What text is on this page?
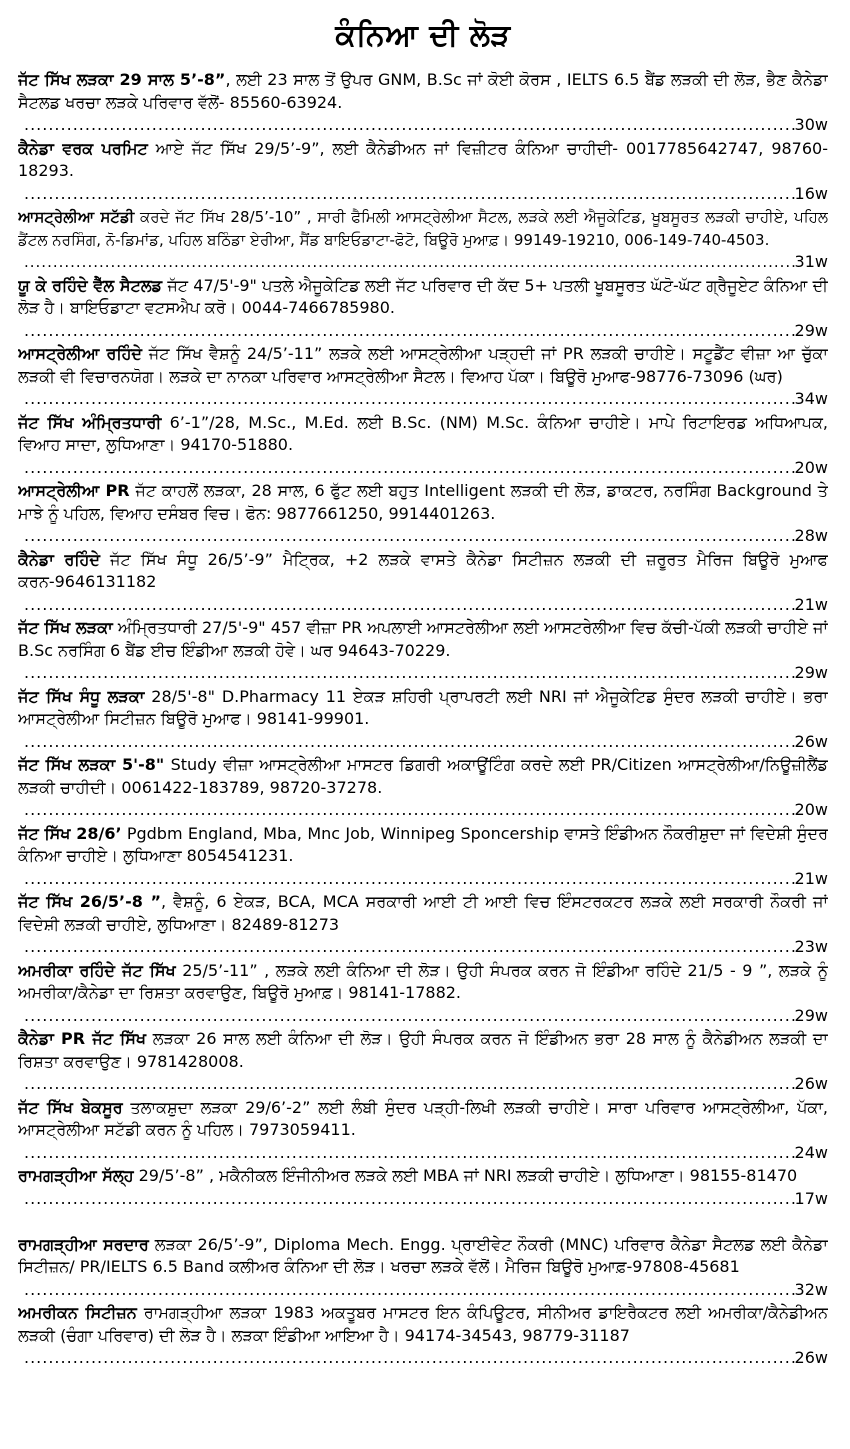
ਕੰਨਿਆ ਦੀ ਲੋੜ
ਜੱਟ ਸਿੱਖ ਲੜਕਾ 29 ਸਾਲ 5’-8”, ਲਈ 23 ਸਾਲ ਤੋਂ ਉਪਰ GNM, B.Sc ਜਾਂ ਕੋਈ ਕੋਰਸ , IELTS 6.5 ਬੈਂਡ ਲੜਕੀ ਦੀ ਲੋੜ, ਭੈਣ ਕੈਨੇਡਾ ਸੈਟਲਡ ਖਰਚਾ ਲੜਕੇ ਪਰਿਵਾਰ ਵੱਲੋਂ- 85560-63924.
.....
30w
ਕੈਨੇਡਾ ਵਰਕ ਪਰਮਿਟ ਆਏ ਜੱਟ ਸਿੱਖ 29/5’-9”, ਲਈ ਕੈਨੇਡੀਅਨ ਜਾਂ ਵਿਜ਼ੀਟਰ ਕੰਨਿਆ ਚਾਹੀਦੀ- 0017785642747, 98760-18293.
.....
16w
ਆਸਟ੍ਰੇਲੀਆ ਸਟੱਡੀ ਕਰਦੇ ਜੱਟ ਸਿੱਖ 28/5’-10” , ਸਾਰੀ ਫੈਮਿਲੀ ਆਸਟ੍ਰੇਲੀਆ ਸੈਟਲ, ਲੜਕੇ ਲਈ ਐਜੂਕੇਟਿਡ, ਖੂਬਸੂਰਤ ਲੜਕੀ ਚਾਹੀਏ, ਪਹਿਲ ਡੈਂਟਲ ਨਰਸਿੰਗ, ਨੋ-ਡਿਮਾਂਡ, ਪਹਿਲ ਬਠਿੰਡਾ ਏਰੀਆ, ਸੈਂਡ ਬਾਇਓਡਾਟਾ-ਫੋਟੋ, ਬਿਊਰੋ ਮੁਆਫ਼। 99149-19210, 006-149-740-4503.
.....
31w
ਯੂ ਕੇ ਰਹਿੰਦੇ ਵੈੱਲ ਸੈਟਲਡ ਜੱਟ 47/5'-9" ਪਤਲੇ ਐਜੂਕੇਟਿਡ ਲਈ ਜੱਟ ਪਰਿਵਾਰ ਦੀ ਕੱਦ 5+ ਪਤਲੀ ਖੂਬਸੂਰਤ ਘੱਟੋ-ਘੱਟ ਗ੍ਰੈਜੂਏਟ ਕੰਨਿਆ ਦੀ ਲੋੜ ਹੈ। ਬਾਇਓਡਾਟਾ ਵਟਸਐਪ ਕਰੋ। 0044-7466785980.
.....
29w
ਆਸਟ੍ਰੇਲੀਆ ਰਹਿੰਦੇ ਜੱਟ ਸਿੱਖ ਵੈਸ਼ਨੂੰ 24/5’-11” ਲੜਕੇ ਲਈ ਆਸਟ੍ਰੇਲੀਆ ਪੜ੍ਹਦੀ ਜਾਂ PR ਲੜਕੀ ਚਾਹੀਏ। ਸਟੂਡੈਂਟ ਵੀਜ਼ਾ ਆ ਚੁੱਕਾ ਲੜਕੀ ਵੀ ਵਿਚਾਰਨਯੋਗ। ਲੜਕੇ ਦਾ ਨਾਨਕਾ ਪਰਿਵਾਰ ਆਸਟ੍ਰੇਲੀਆ ਸੈਟਲ। ਵਿਆਹ ਪੱਕਾ। ਬਿਊਰੋ ਮੁਆਫ-98776-73096 (ਘਰ)
.....
34w
ਜੱਟ ਸਿੱਖ ਅੰਮ੍ਰਿਤਧਾਰੀ 6’-1”/28, M.Sc., M.Ed. ਲਈ B.Sc. (NM) M.Sc. ਕੰਨਿਆ ਚਾਹੀਏ। ਮਾਪੇ ਰਿਟਾਇਰਡ ਅਧਿਆਪਕ, ਵਿਆਹ ਸਾਦਾ, ਲੁਧਿਆਣਾ। 94170-51880.
.....
20w
ਆਸਟ੍ਰੇਲੀਆ PR ਜੱਟ ਕਾਹਲੋਂ ਲੜਕਾ, 28 ਸਾਲ, 6 ਫੁੱਟ ਲਈ ਬਹੁਤ Intelligent ਲੜਕੀ ਦੀ ਲੋੜ, ਡਾਕਟਰ, ਨਰਸਿੰਗ Background ਤੇ ਮਾਝੇ ਨੂੰ ਪਹਿਲ, ਵਿਆਹ ਦਸੰਬਰ ਵਿਚ। ਫੋਨ: 9877661250, 9914401263.
.....
28w
ਕੈਨੇਡਾ ਰਹਿੰਦੇ ਜੱਟ ਸਿੱਖ ਸੰਧੂ 26/5’-9” ਮੈਟ੍ਰਿਕ, +2 ਲੜਕੇ ਵਾਸਤੇ ਕੈਨੇਡਾ ਸਿਟੀਜ਼ਨ ਲੜਕੀ ਦੀ ਜ਼ਰੂਰਤ ਮੈਰਿਜ ਬਿਊਰੋ ਮੁਆਫ ਕਰਨ-9646131182
.....
21w
ਜੱਟ ਸਿੱਖ ਲੜਕਾ ਅੰਮ੍ਰਿਤਧਾਰੀ 27/5'-9" 457 ਵੀਜ਼ਾ PR ਅਪਲਾਈ ਆਸਟਰੇਲੀਆ ਲਈ ਆਸਟਰੇਲੀਆ ਵਿਚ ਕੱਚੀ-ਪੱਕੀ ਲੜਕੀ ਚਾਹੀਏ ਜਾਂ B.Sc ਨਰਸਿੰਗ 6 ਬੈਂਡ ਈਚ ਇੰਡੀਆ ਲੜਕੀ ਹੋਵੇ। ਘਰ 94643-70229.
.....
29w
ਜੱਟ ਸਿੱਖ ਸੰਧੂ ਲੜਕਾ 28/5'-8" D.Pharmacy 11 ਏਕੜ ਸ਼ਹਿਰੀ ਪ੍ਰਾਪਰਟੀ ਲਈ NRI ਜਾਂ ਐਜੂਕੇਟਿਡ ਸੁੰਦਰ ਲੜਕੀ ਚਾਹੀਏ। ਭਰਾ ਆਸਟ੍ਰੇਲੀਆ ਸਿਟੀਜ਼ਨ ਬਿਊਰੋ ਮੁਆਫ। 98141-99901.
.....
26w
ਜੱਟ ਸਿੱਖ ਲੜਕਾ 5'-8" Study ਵੀਜ਼ਾ ਆਸਟ੍ਰੇਲੀਆ ਮਾਸਟਰ ਡਿਗਰੀ ਅਕਾਊਂਟਿੰਗ ਕਰਦੇ ਲਈ PR/Citizen ਆਸਟ੍ਰੇਲੀਆ/ਨਿਊਜ਼ੀਲੈਂਡ ਲੜਕੀ ਚਾਹੀਦੀ। 0061422-183789, 98720-37278.
.....
20w
ਜੱਟ ਸਿੱਖ 28/6’ Pgdbm England, Mba, Mnc Job, Winnipeg Sponcership ਵਾਸਤੇ ਇੰਡੀਅਨ ਨੌਕਰੀਸ਼ੁਦਾ ਜਾਂ ਵਿਦੇਸ਼ੀ ਸੁੰਦਰ ਕੰਨਿਆ ਚਾਹੀਏ। ਲੁਧਿਆਣਾ 8054541231.
.....
21w
ਜੱਟ ਸਿੱਖ 26/5’-8 ”, ਵੈਸ਼ਨੂੰ, 6 ਏਕੜ, BCA, MCA ਸਰਕਾਰੀ ਆਈ ਟੀ ਆਈ ਵਿਚ ਇੰਸਟਰਕਟਰ ਲੜਕੇ ਲਈ ਸਰਕਾਰੀ ਨੌਕਰੀ ਜਾਂ ਵਿਦੇਸ਼ੀ ਲੜਕੀ ਚਾਹੀਏ, ਲੁਧਿਆਣਾ। 82489-81273
.....
23w
ਅਮਰੀਕਾ ਰਹਿੰਦੇ ਜੱਟ ਸਿੱਖ 25/5’-11” , ਲੜਕੇ ਲਈ ਕੰਨਿਆ ਦੀ ਲੋੜ। ਉਹੀ ਸੰਪਰਕ ਕਰਨ ਜੋ ਇੰਡੀਆ ਰਹਿੰਦੇ 21/5 - 9 ”, ਲੜਕੇ ਨੂੰ ਅਮਰੀਕਾ/ਕੈਨੇਡਾ ਦਾ ਰਿਸ਼ਤਾ ਕਰਵਾਉਣ, ਬਿਊਰੋ ਮੁਆਫ਼। 98141-17882.
.....
29w
ਕੈਨੇਡਾ PR ਜੱਟ ਸਿੱਖ ਲੜਕਾ 26 ਸਾਲ ਲਈ ਕੰਨਿਆ ਦੀ ਲੋੜ। ਉਹੀ ਸੰਪਰਕ ਕਰਨ ਜੋ ਇੰਡੀਅਨ ਭਰਾ 28 ਸਾਲ ਨੂੰ ਕੈਨੇਡੀਅਨ ਲੜਕੀ ਦਾ ਰਿਸ਼ਤਾ ਕਰਵਾਉਣ। 9781428008.
.....
26w
ਜੱਟ ਸਿੱਖ ਬੇਕਸੂਰ ਤਲਾਕਸ਼ੁਦਾ ਲੜਕਾ 29/6’-2” ਲਈ ਲੰਬੀ ਸੁੰਦਰ ਪੜ੍ਹੀ-ਲਿਖੀ ਲੜਕੀ ਚਾਹੀਏ। ਸਾਰਾ ਪਰਿਵਾਰ ਆਸਟ੍ਰੇਲੀਆ, ਪੱਕਾ, ਆਸਟ੍ਰੇਲੀਆ ਸਟੱਡੀ ਕਰਨ ਨੂੰ ਪਹਿਲ। 7973059411.
.....
24w
ਰਾਮਗੜ੍ਹੀਆ ਸੱਲ੍ਹ 29/5’-8” , ਮਕੈਨੀਕਲ ਇੰਜੀਨੀਅਰ ਲੜਕੇ ਲਈ MBA ਜਾਂ NRI ਲੜਕੀ ਚਾਹੀਏ। ਲੁਧਿਆਣਾ। 98155-81470
.....
17w
ਰਾਮਗੜ੍ਹੀਆ ਸਰਦਾਰ ਲੜਕਾ 26/5’-9”, Diploma Mech. Engg. ਪ੍ਰਾਈਵੇਟ ਨੌਕਰੀ (MNC) ਪਰਿਵਾਰ ਕੈਨੇਡਾ ਸੈਟਲਡ ਲਈ ਕੈਨੇਡਾ ਸਿਟੀਜ਼ਨ/ PR/IELTS 6.5 Band ਕਲੀਅਰ ਕੰਨਿਆ ਦੀ ਲੋੜ। ਖਰਚਾ ਲੜਕੇ ਵੱਲੋਂ। ਮੈਰਿਜ ਬਿਊਰੋ ਮੁਆਫ਼-97808-45681
.....
32w
ਅਮਰੀਕਨ ਸਿਟੀਜ਼ਨ ਰਾਮਗੜ੍ਹੀਆ ਲੜਕਾ 1983 ਅਕਤੂਬਰ ਮਾਸਟਰ ਇਨ ਕੰਪਿਊਟਰ, ਸੀਨੀਅਰ ਡਾਇਰੈਕਟਰ ਲਈ ਅਮਰੀਕਾ/ਕੈਨੇਡੀਅਨ ਲੜਕੀ (ਚੰਗਾ ਪਰਿਵਾਰ) ਦੀ ਲੋੜ ਹੈ। ਲੜਕਾ ਇੰਡੀਆ ਆਇਆ ਹੈ। 94174-34543, 98779-31187
.....
26w
